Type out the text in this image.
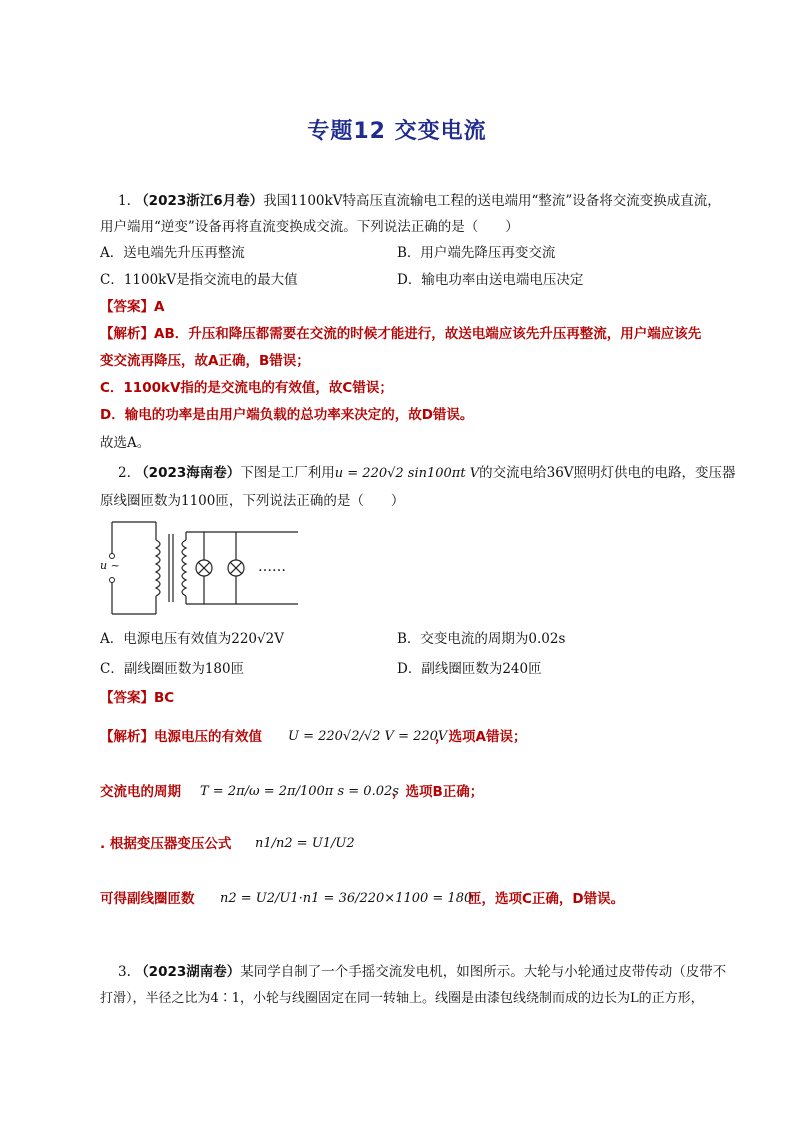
专题12 交变电流
1. （2023浙江6月卷）我国1100kV特高压直流输电工程的送电端用“整流”设备将交流变换成直流，
用户端用“逆变”设备再将直流变换成交流。下列说法正确的是（　　）
A．送电端先升压再整流	B．用户端先降压再变交流
C．1100kV是指交流电的最大值	D．输电功率由送电端电压决定
【答案】A
【解析】AB．升压和降压都需要在交流的时候才能进行，故送电端应该先升压再整流，用户端应该先
变交流再降压，故A正确，B错误；
C．1100kV指的是交流电的有效值，故C错误；
D．输电的功率是由用户端负载的总功率来决定的，故D错误。
故选A。
2. （2023海南卷）下图是工厂利用u = 220√2 sin100πt V的交流电给36V照明灯供电的电路，变压器
原线圈匝数为1100匝，下列说法正确的是（　　）
u ~	……
A．电源电压有效值为220√2V	B．交变电流的周期为0.02s
C．副线圈匝数为180匝	D．副线圈匝数为240匝
【答案】BC
【解析】电源电压的有效值 U = 220√2/√2 V = 220V
，选项A错误；
交流电的周期 T = 2π/ω = 2π/100π s = 0.02s
，选项B正确；
. 根据变压器变压公式 n1/n2 = U1/U2
可得副线圈匝数 n2 = U2/U1·n1 = 36/220×1100 = 180
匝，选项C正确，D错误。
3. （2023湖南卷）某同学自制了一个手摇交流发电机，如图所示。大轮与小轮通过皮带传动（皮带不
打滑），半径之比为4∶1，小轮与线圈固定在同一转轴上。线圈是由漆包线绕制而成的边长为L的正方形，
